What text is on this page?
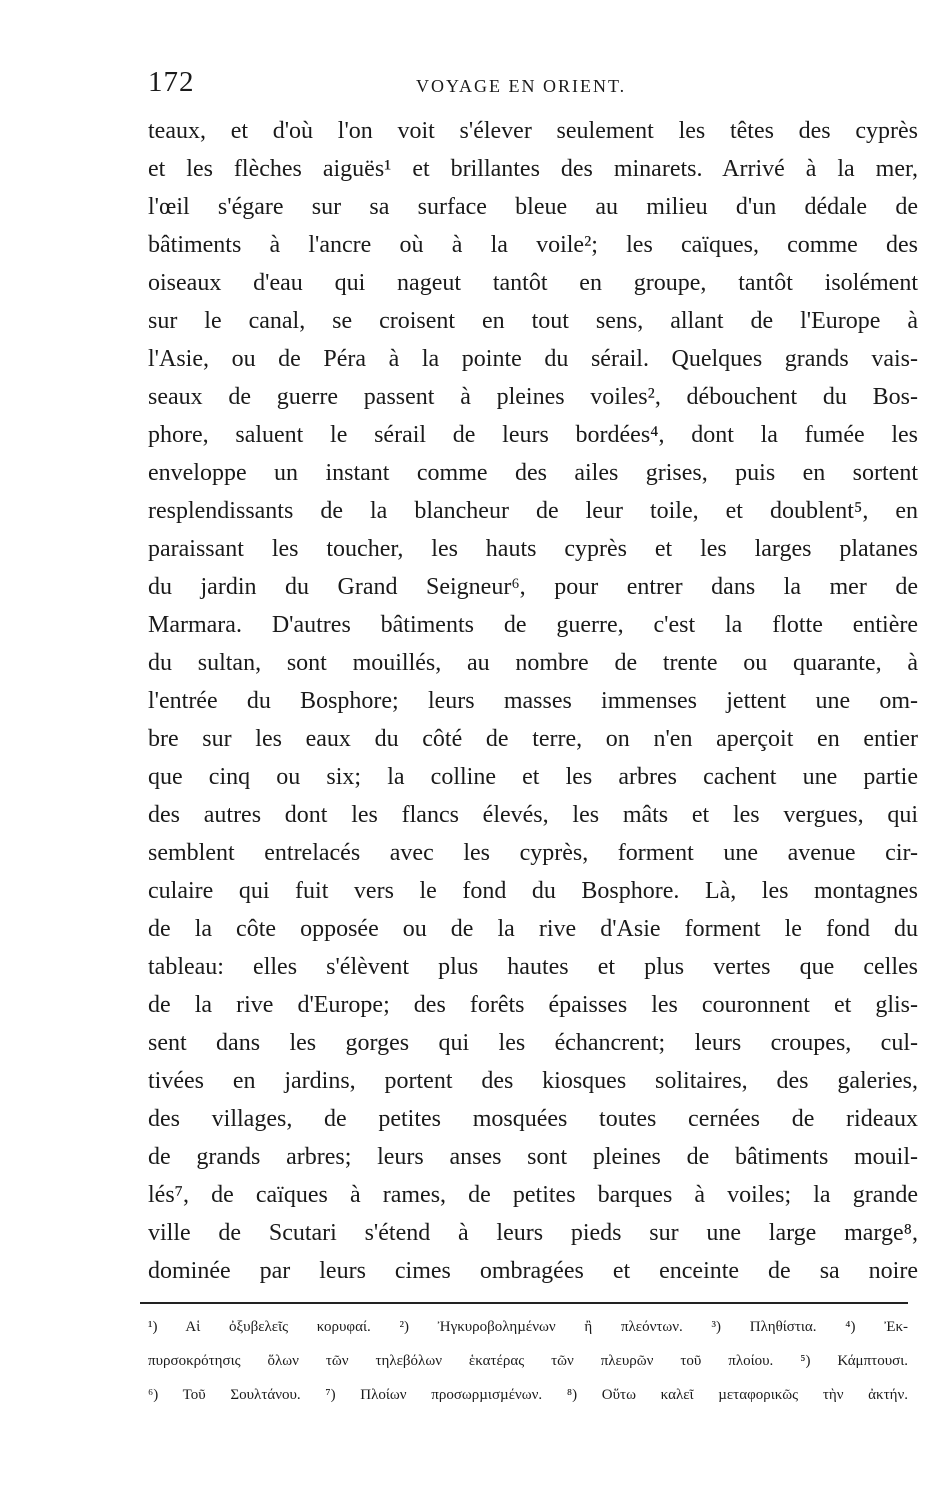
172	VOYAGE EN ORIENT.
teaux, et d'où l'on voit s'élever seulement les têtes des cyprès
et les flèches aiguës¹ et brillantes des minarets. Arrivé à la mer,
l'œil s'égare sur sa surface bleue au milieu d'un dédale de
bâtiments à l'ancre où à la voile²; les caïques, comme des
oiseaux d'eau qui nageut tantôt en groupe, tantôt isolément
sur le canal, se croisent en tout sens, allant de l'Europe à
l'Asie, ou de Péra à la pointe du sérail. Quelques grands vais-
seaux de guerre passent à pleines voiles², débouchent du Bos-
phore, saluent le sérail de leurs bordées⁴, dont la fumée les
enveloppe un instant comme des ailes grises, puis en sortent
resplendissants de la blancheur de leur toile, et doublent⁵, en
paraissant les toucher, les hauts cyprès et les larges platanes
du jardin du Grand Seigneur⁶, pour entrer dans la mer de
Marmara. D'autres bâtiments de guerre, c'est la flotte entière
du sultan, sont mouillés, au nombre de trente ou quarante, à
l'entrée du Bosphore; leurs masses immenses jettent une om-
bre sur les eaux du côté de terre, on n'en aperçoit en entier
que cinq ou six; la colline et les arbres cachent une partie
des autres dont les flancs élevés, les mâts et les vergues, qui
semblent entrelacés avec les cyprès, forment une avenue cir-
culaire qui fuit vers le fond du Bosphore. Là, les montagnes
de la côte opposée ou de la rive d'Asie forment le fond du
tableau: elles s'élèvent plus hautes et plus vertes que celles
de la rive d'Europe; des forêts épaisses les couronnent et glis-
sent dans les gorges qui les échancrent; leurs croupes, cul-
tivées en jardins, portent des kiosques solitaires, des galeries,
des villages, de petites mosquées toutes cernées de rideaux
de grands arbres; leurs anses sont pleines de bâtiments mouil-
lés⁷, de caïques à rames, de petites barques à voiles; la grande
ville de Scutari s'étend à leurs pieds sur une large marge⁸,
dominée par leurs cimes ombragées et enceinte de sa noire
¹) Αἱ ὀξυβελεῖς κορυφαί. ²) Ἠγκυροβοληµένων ἢ πλεόντων. ³) Πληθίστια. ⁴) Ἐκ-
πυρσοκρότησις ὅλων τῶν τηλεβόλων ἑκατέρας τῶν πλευρῶν τοῦ πλοίου. ⁵) Κάμπτουσι.
⁶) Τοῦ Σουλτάνου. ⁷) Πλοίων προσωρµισµένων. ⁸) Οὕτω καλεῖ µεταφορικῶς τὴν ἀκτήν.
